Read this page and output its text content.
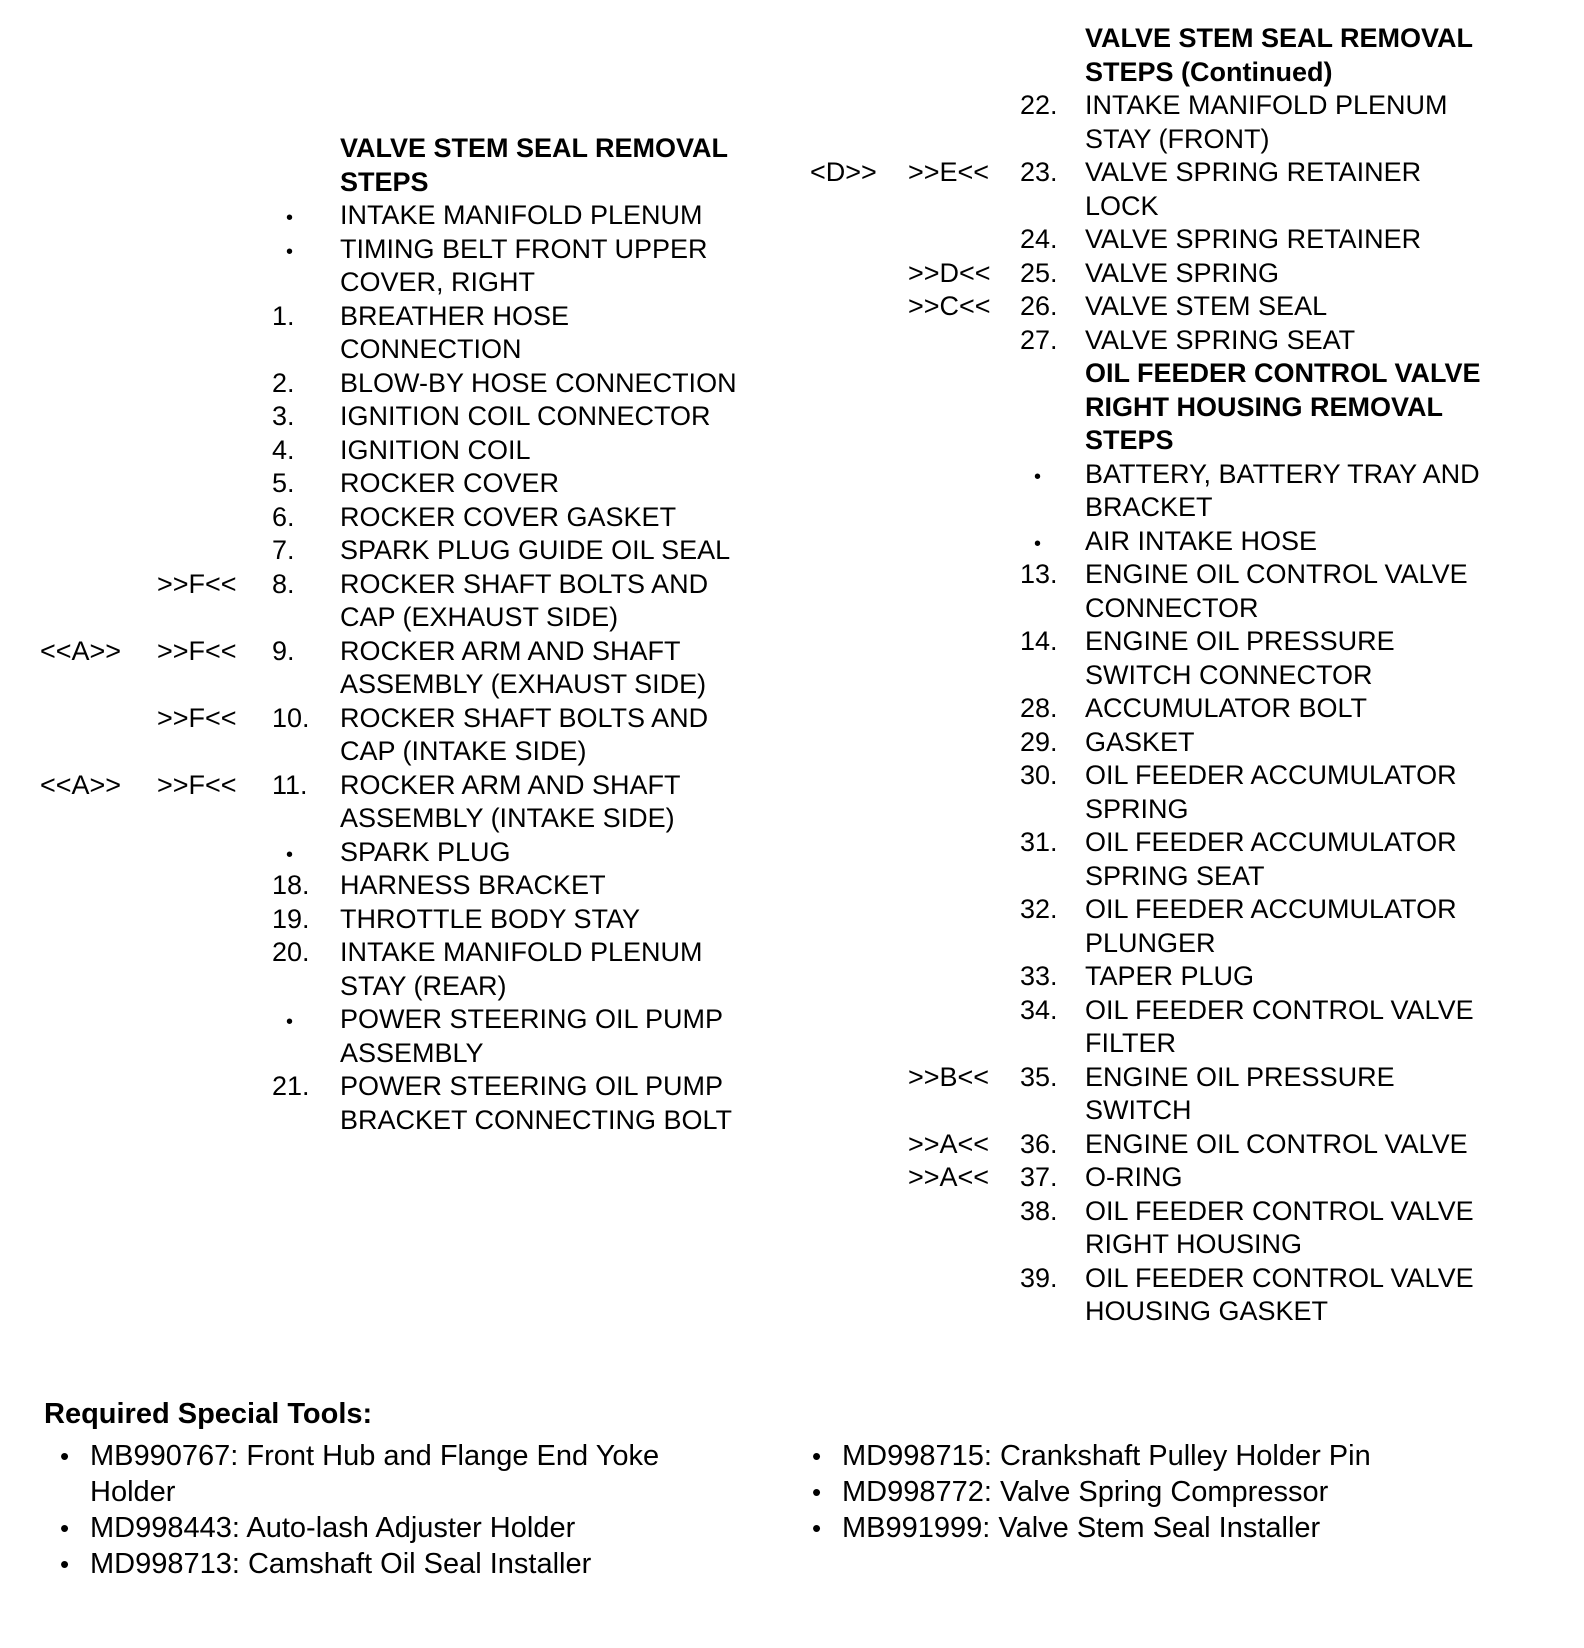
VALVE STEM SEAL REMOVAL
STEPS
• INTAKE MANIFOLD PLENUM
• TIMING BELT FRONT UPPER
COVER, RIGHT
1. BREATHER HOSE
CONNECTION
2. BLOW-BY HOSE CONNECTION
3. IGNITION COIL CONNECTOR
4. IGNITION COIL
5. ROCKER COVER
6. ROCKER COVER GASKET
7. SPARK PLUG GUIDE OIL SEAL
>>F<< 8. ROCKER SHAFT BOLTS AND
CAP (EXHAUST SIDE)
<<A>> >>F<< 9. ROCKER ARM AND SHAFT
ASSEMBLY (EXHAUST SIDE)
>>F<< 10. ROCKER SHAFT BOLTS AND
CAP (INTAKE SIDE)
<<A>> >>F<< 11. ROCKER ARM AND SHAFT
ASSEMBLY (INTAKE SIDE)
• SPARK PLUG
18. HARNESS BRACKET
19. THROTTLE BODY STAY
20. INTAKE MANIFOLD PLENUM
STAY (REAR)
• POWER STEERING OIL PUMP
ASSEMBLY
21. POWER STEERING OIL PUMP
BRACKET CONNECTING BOLT
VALVE STEM SEAL REMOVAL
STEPS (Continued)
22. INTAKE MANIFOLD PLENUM
STAY (FRONT)
<D>> >>E<< 23. VALVE SPRING RETAINER
LOCK
24. VALVE SPRING RETAINER
>>D<< 25. VALVE SPRING
>>C<< 26. VALVE STEM SEAL
27. VALVE SPRING SEAT
OIL FEEDER CONTROL VALVE
RIGHT HOUSING REMOVAL
STEPS
• BATTERY, BATTERY TRAY AND
BRACKET
• AIR INTAKE HOSE
13. ENGINE OIL CONTROL VALVE
CONNECTOR
14. ENGINE OIL PRESSURE
SWITCH CONNECTOR
28. ACCUMULATOR BOLT
29. GASKET
30. OIL FEEDER ACCUMULATOR
SPRING
31. OIL FEEDER ACCUMULATOR
SPRING SEAT
32. OIL FEEDER ACCUMULATOR
PLUNGER
33. TAPER PLUG
34. OIL FEEDER CONTROL VALVE
FILTER
>>B<< 35. ENGINE OIL PRESSURE
SWITCH
>>A<< 36. ENGINE OIL CONTROL VALVE
>>A<< 37. O-RING
38. OIL FEEDER CONTROL VALVE
RIGHT HOUSING
39. OIL FEEDER CONTROL VALVE
HOUSING GASKET
Required Special Tools:
• MB990767: Front Hub and Flange End Yoke
Holder
• MD998443: Auto-lash Adjuster Holder
• MD998713: Camshaft Oil Seal Installer
• MD998715: Crankshaft Pulley Holder Pin
• MD998772: Valve Spring Compressor
• MB991999: Valve Stem Seal Installer
